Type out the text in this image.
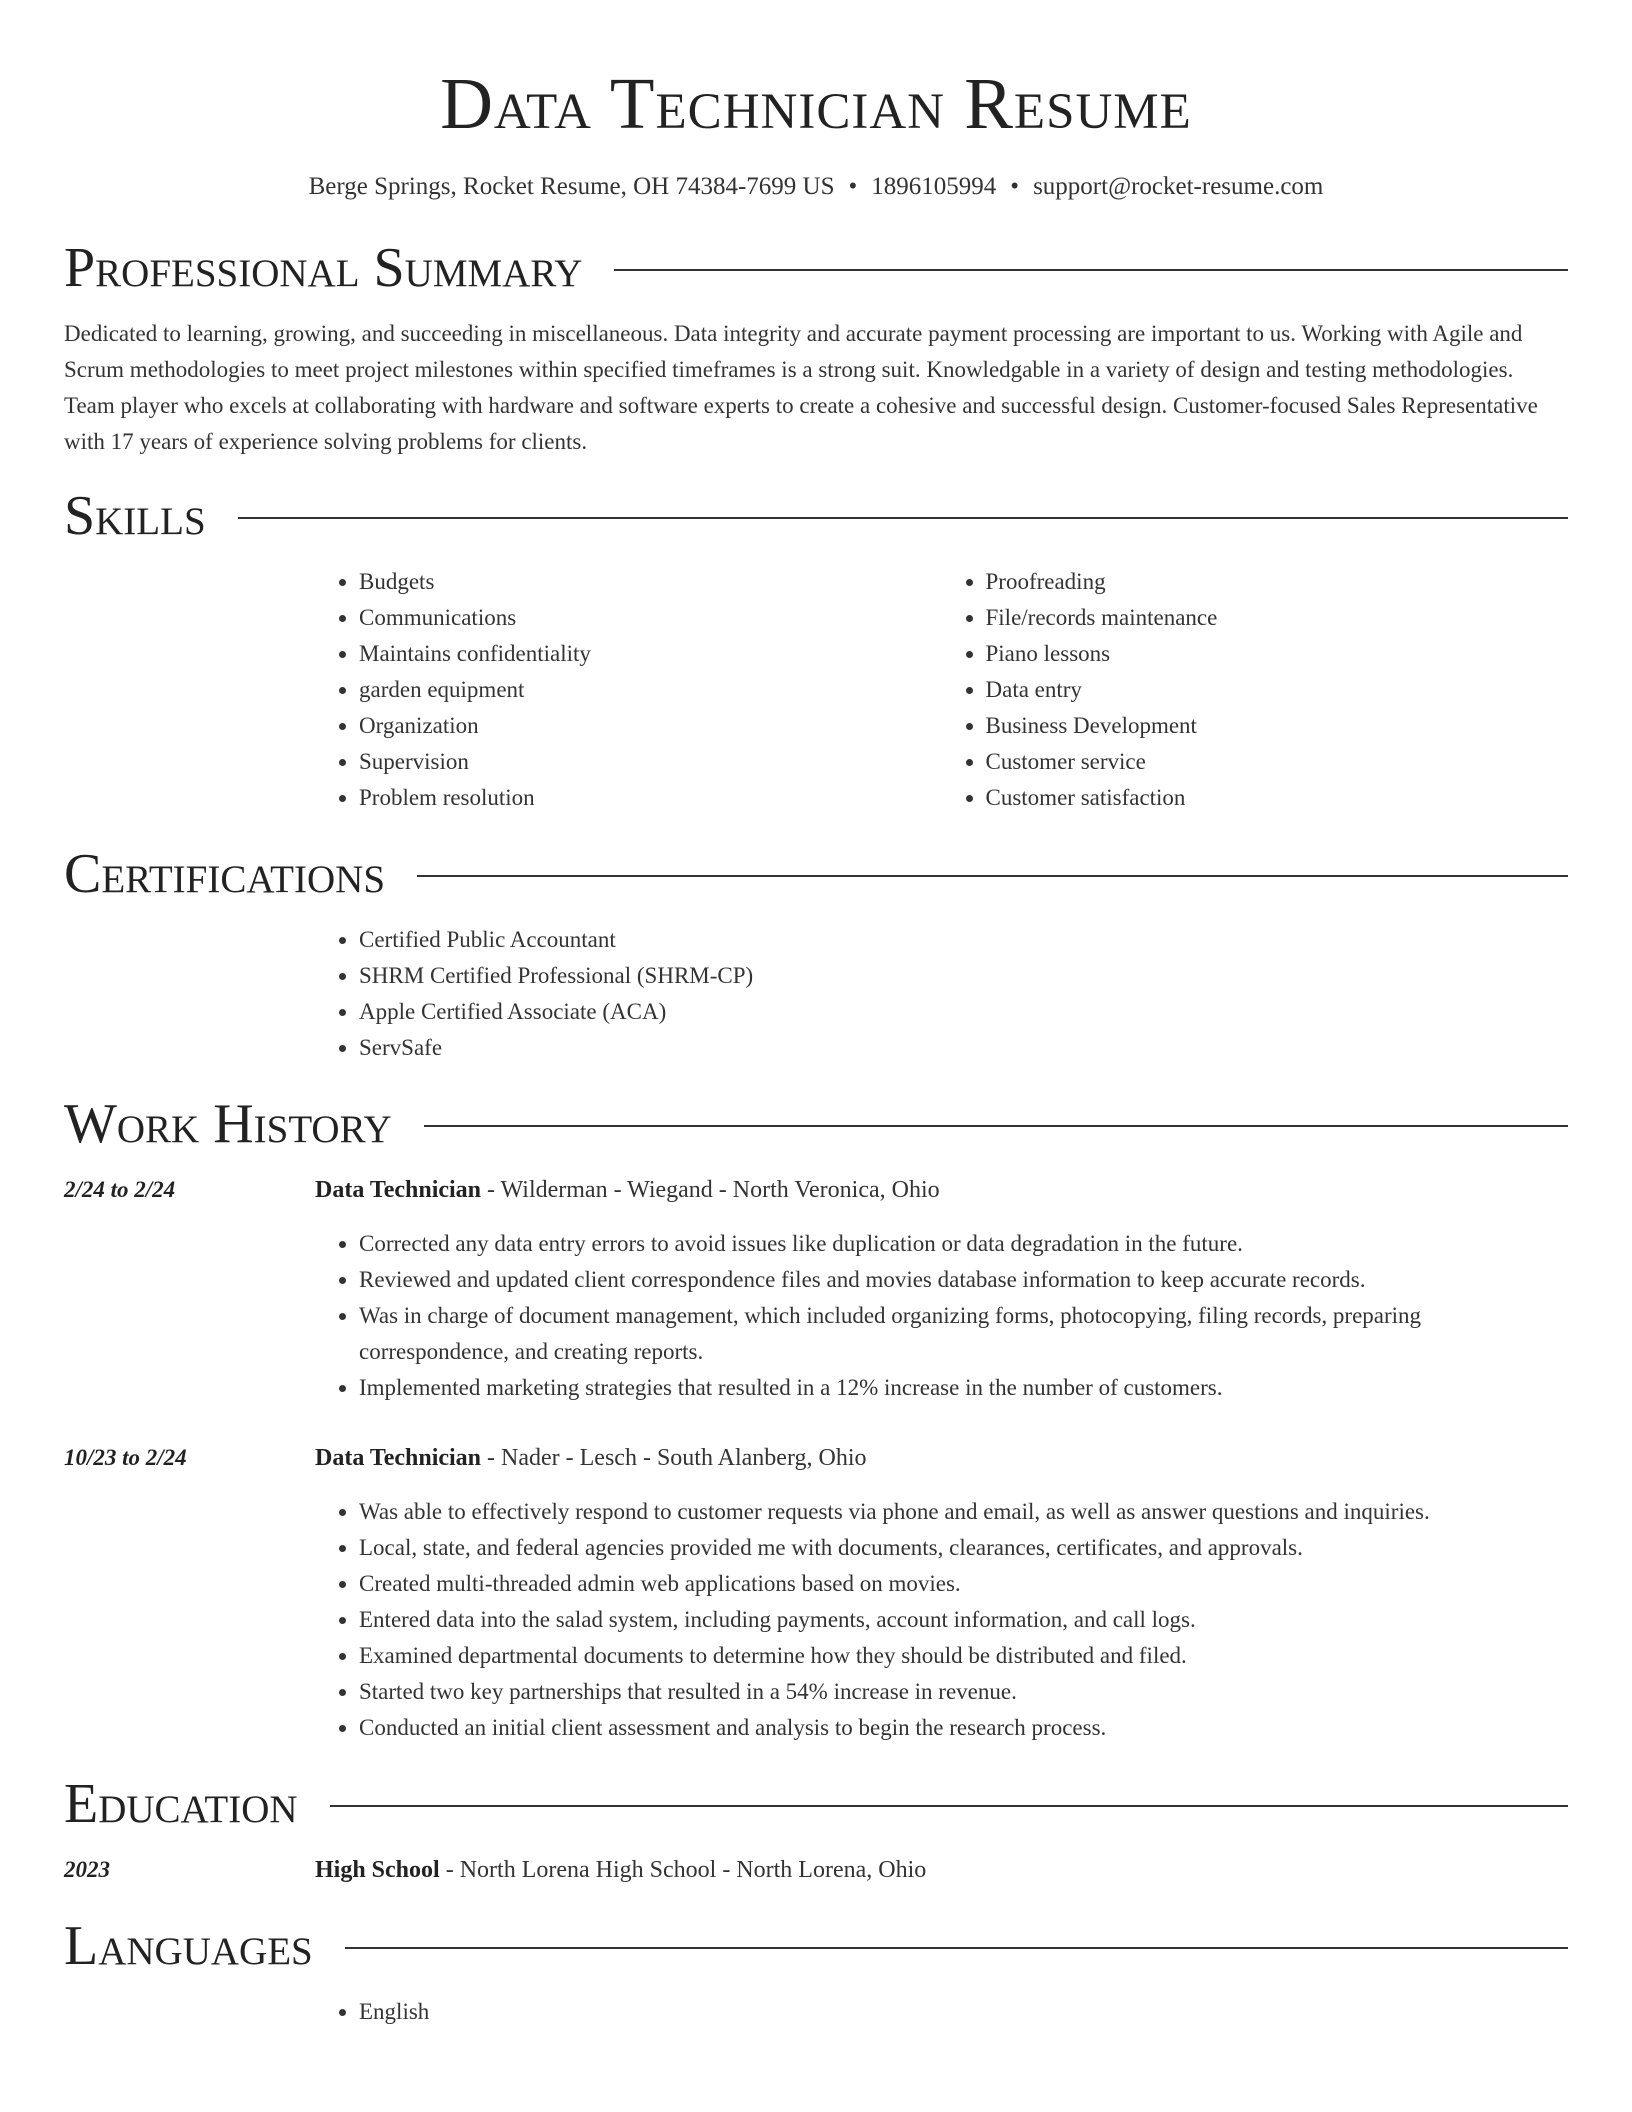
Data Technician Resume
Berge Springs, Rocket Resume, OH 74384-7699 US • 1896105994 • support@rocket-resume.com
Professional Summary

Dedicated to learning, growing, and succeeding in miscellaneous. Data integrity and accurate payment processing are important to us. Working with Agile and Scrum methodologies to meet project milestones within specified timeframes is a strong suit. Knowledgable in a variety of design and testing methodologies. Team player who excels at collaborating with hardware and software experts to create a cohesive and successful design. Customer-focused Sales Representative with 17 years of experience solving problems for clients.

Skills
• Budgets
• Communications
• Maintains confidentiality
• garden equipment
• Organization
• Supervision
• Problem resolution
• Proofreading
• File/records maintenance
• Piano lessons
• Data entry
• Business Development
• Customer service
• Customer satisfaction
Certifications
• Certified Public Accountant
• SHRM Certified Professional (SHRM-CP)
• Apple Certified Associate (ACA)
• ServSafe
Work History
2/24 to 2/24	Data Technician - Wilderman - Wiegand - North Veronica, Ohio
• Corrected any data entry errors to avoid issues like duplication or data degradation in the future.
• Reviewed and updated client correspondence files and movies database information to keep accurate records.
• Was in charge of document management, which included organizing forms, photocopying, filing records, preparing correspondence, and creating reports.
• Implemented marketing strategies that resulted in a 12% increase in the number of customers.
10/23 to 2/24	Data Technician - Nader - Lesch - South Alanberg, Ohio
• Was able to effectively respond to customer requests via phone and email, as well as answer questions and inquiries.
• Local, state, and federal agencies provided me with documents, clearances, certificates, and approvals.
• Created multi-threaded admin web applications based on movies.
• Entered data into the salad system, including payments, account information, and call logs.
• Examined departmental documents to determine how they should be distributed and filed.
• Started two key partnerships that resulted in a 54% increase in revenue.
• Conducted an initial client assessment and analysis to begin the research process.
Education
2023	High School - North Lorena High School - North Lorena, Ohio
Languages
• English
